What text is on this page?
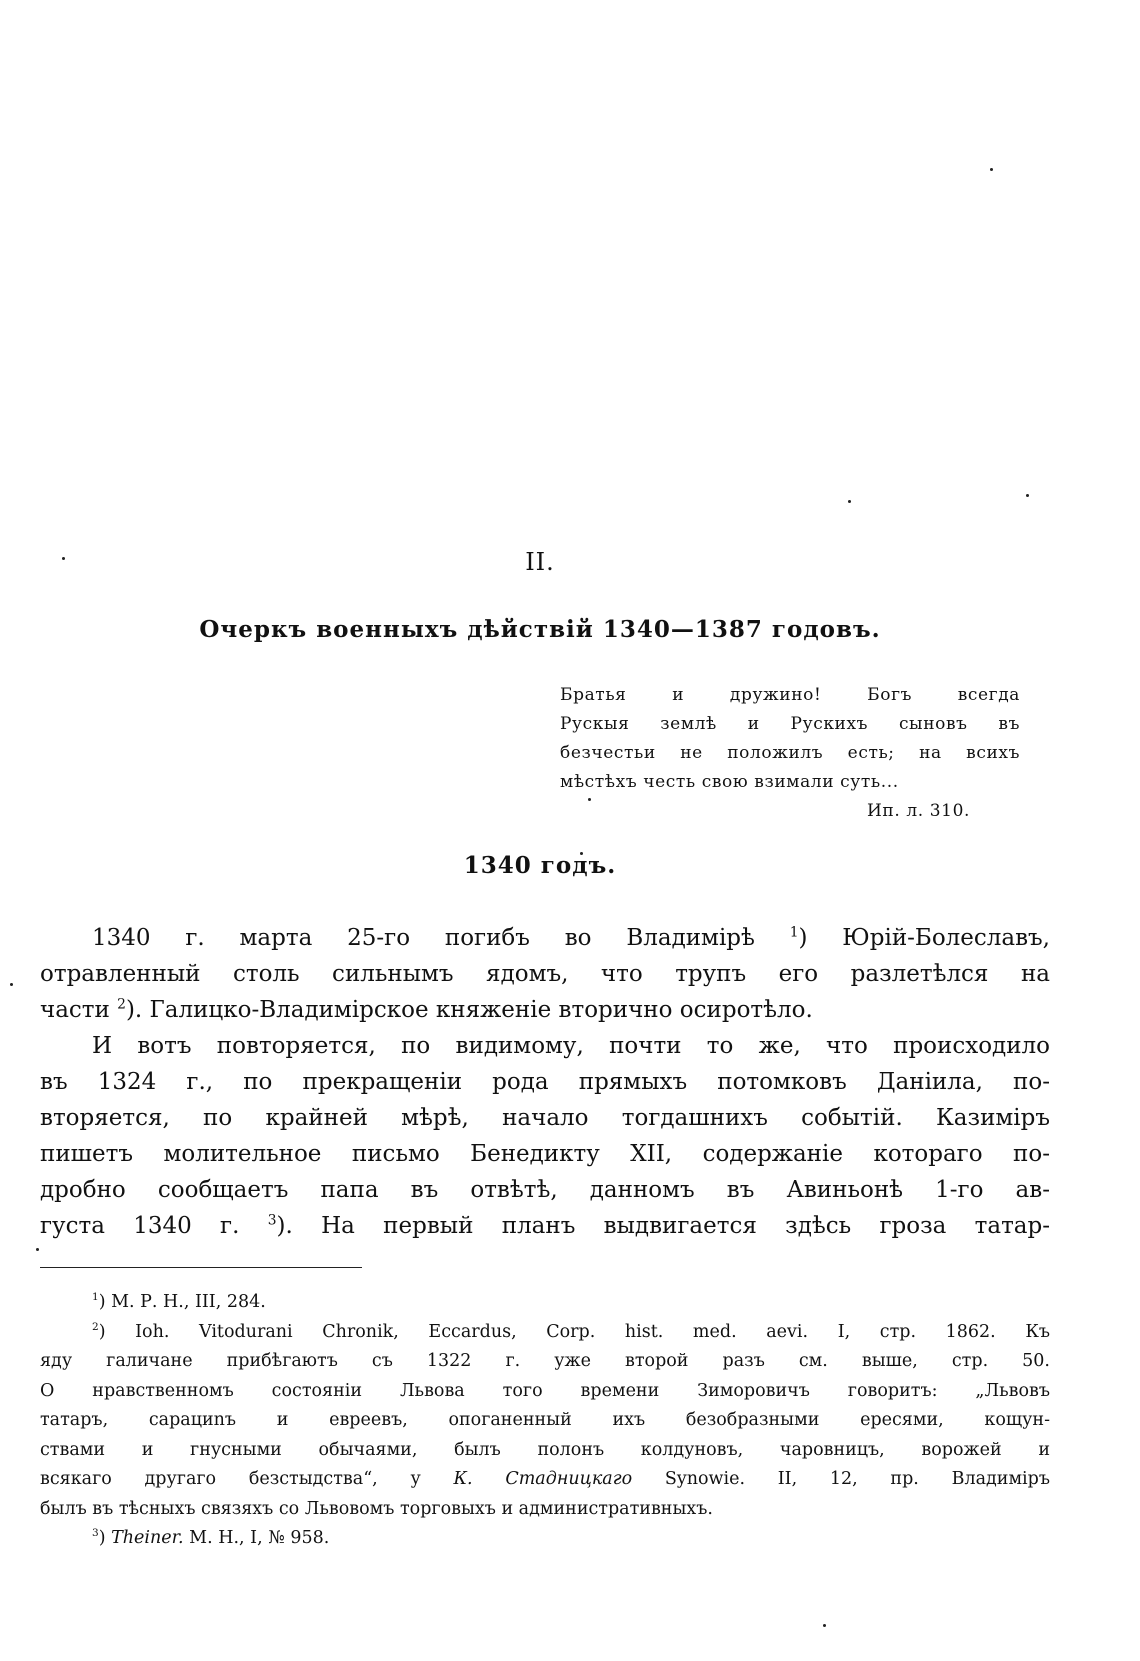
II.
Очеркъ военныхъ дѣйствій 1340—1387 годовъ.
Братья и дружино! Богъ всегда
Рускыя землѣ и Рускихъ сыновъ въ
безчестьи не положилъ есть; на всихъ
мѣстѣхъ честь свою взимали суть...
Ип. л. 310.
1340 годъ.
1340 г. марта 25-го погибъ во Владимірѣ $^1$) Юрій-Болеславъ,
отравленный столь сильнымъ ядомъ, что трупъ его разлетѣлся на
части $^2$). Галицко-Владимірское княженіе вторично осиротѣло.
И вотъ повторяется, по видимому, почти то же, что происходило
въ 1324 г., по прекращеніи рода прямыхъ потомковъ Даніила, по-
вторяется, по крайней мѣрѣ, начало тогдашнихъ событій. Казиміръ
пишетъ молительное письмо Бенедикту XII, содержаніе котораго по-
дробно сообщаетъ папа въ отвѣтѣ, данномъ въ Авиньонѣ 1-го ав-
густа 1340 г. $^3$). На первый планъ выдвигается здѣсь гроза татар-
$^1$) М. Р. Н., III, 284.
$^2$) Ioh. Vitodurani Chronik, Eccardus, Corp. hist. med. aevi. I, стр. 1862. Къ
яду галичане прибѣгаютъ съ 1322 г. уже второй разъ см. выше, стр. 50.
О нравственномъ состояніи Львова того времени Зиморовичъ говоритъ: „Львовъ
татаръ, сарациnъ и евреевъ, опоганенный ихъ безобразными ересями, кощун-
ствами и гнусными обычаями, былъ полонъ колдуновъ, чаровницъ, ворожей и
всякаго другаго безстыдства“, у К. Стадницкаго Synowie. II, 12, пр. Владиміръ
былъ въ тѣсныхъ связяхъ со Львовомъ торговыхъ и административныхъ.
$^3$) Theiner. М. Н., I, № 958.
